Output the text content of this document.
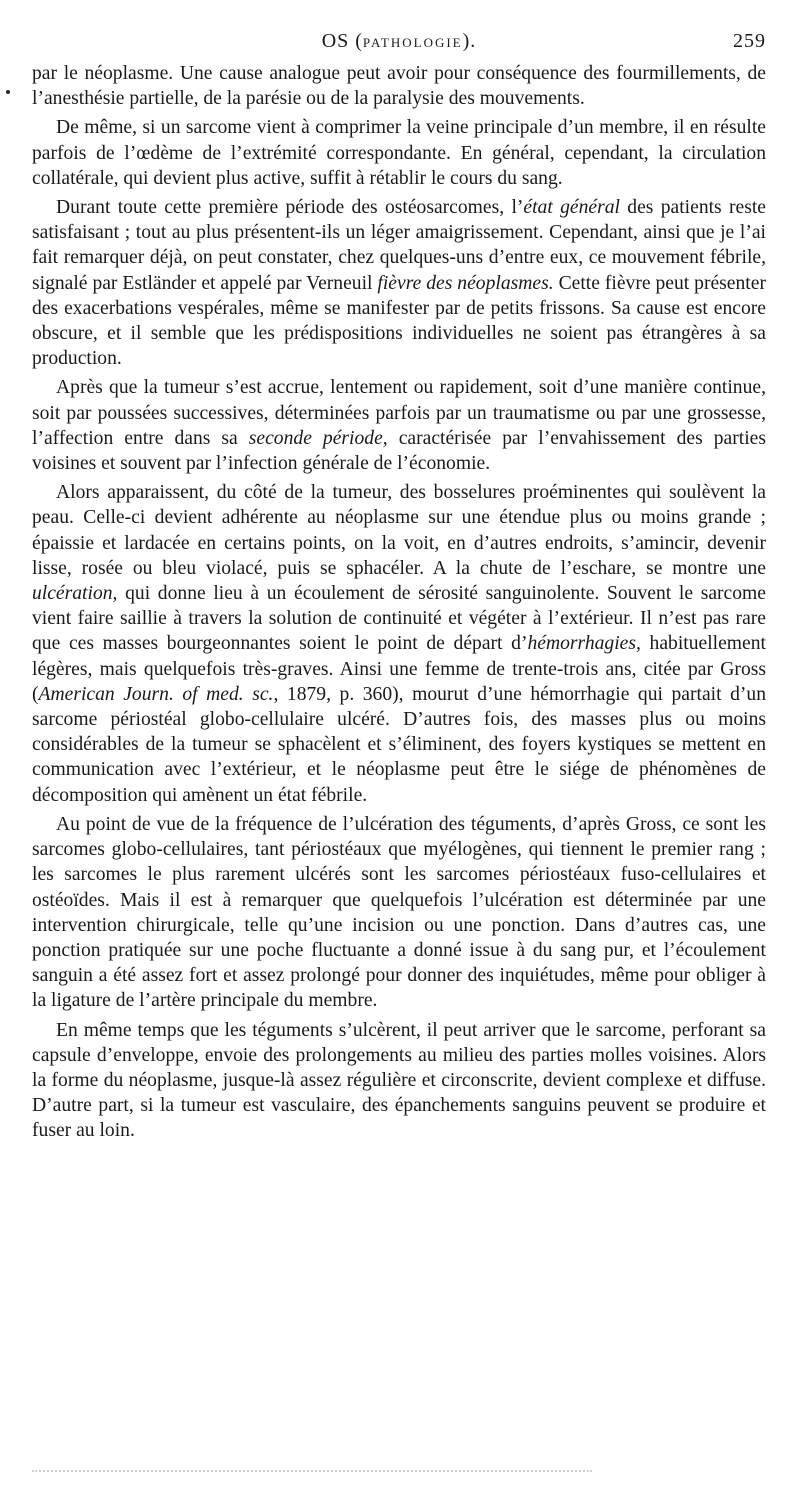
OS (PATHOLOGIE).	259

par le néoplasme. Une cause analogue peut avoir pour conséquence des fourmillements, de l’anesthésie partielle, de la parésie ou de la paralysie des mouvements.

De même, si un sarcome vient à comprimer la veine principale d’un membre, il en résulte parfois de l’œdème de l’extrémité correspondante. En général, cependant, la circulation collatérale, qui devient plus active, suffit à rétablir le cours du sang.

Durant toute cette première période des ostéosarcomes, l’état général des patients reste satisfaisant ; tout au plus présentent-ils un léger amaigrissement. Cependant, ainsi que je l’ai fait remarquer déjà, on peut constater, chez quelques-uns d’entre eux, ce mouvement fébrile, signalé par Estländer et appelé par Verneuil fièvre des néoplasmes. Cette fièvre peut présenter des exacerbations vespérales, même se manifester par de petits frissons. Sa cause est encore obscure, et il semble que les prédispositions individuelles ne soient pas étrangères à sa production.

Après que la tumeur s’est accrue, lentement ou rapidement, soit d’une manière continue, soit par poussées successives, déterminées parfois par un traumatisme ou par une grossesse, l’affection entre dans sa seconde période, caractérisée par l’envahissement des parties voisines et souvent par l’infection générale de l’économie.

Alors apparaissent, du côté de la tumeur, des bosselures proéminentes qui soulèvent la peau. Celle-ci devient adhérente au néoplasme sur une étendue plus ou moins grande ; épaissie et lardacée en certains points, on la voit, en d’autres endroits, s’amincir, devenir lisse, rosée ou bleu violacé, puis se sphacéler. A la chute de l’eschare, se montre une ulcération, qui donne lieu à un écoulement de sérosité sanguinolente. Souvent le sarcome vient faire saillie à travers la solution de continuité et végéter à l’extérieur. Il n’est pas rare que ces masses bourgeonnantes soient le point de départ d’hémorrhagies, habituellement légères, mais quelquefois très-graves. Ainsi une femme de trente-trois ans, citée par Gross (American Journ. of med. sc., 1879, p. 360), mourut d’une hémorrhagie qui partait d’un sarcome périostéal globo-cellulaire ulcéré. D’autres fois, des masses plus ou moins considérables de la tumeur se sphacèlent et s’éliminent, des foyers kystiques se mettent en communication avec l’extérieur, et le néoplasme peut être le siége de phénomènes de décomposition qui amènent un état fébrile.

Au point de vue de la fréquence de l’ulcération des téguments, d’après Gross, ce sont les sarcomes globo-cellulaires, tant périostéaux que myélogènes, qui tiennent le premier rang ; les sarcomes le plus rarement ulcérés sont les sarcomes périostéaux fuso-cellulaires et ostéoïdes. Mais il est à remarquer que quelquefois l’ulcération est déterminée par une intervention chirurgicale, telle qu’une incision ou une ponction. Dans d’autres cas, une ponction pratiquée sur une poche fluctuante a donné issue à du sang pur, et l’écoulement sanguin a été assez fort et assez prolongé pour donner des inquiétudes, même pour obliger à la ligature de l’artère principale du membre.

En même temps que les téguments s’ulcèrent, il peut arriver que le sarcome, perforant sa capsule d’enveloppe, envoie des prolongements au milieu des parties molles voisines. Alors la forme du néoplasme, jusque-là assez régulière et circonscrite, devient complexe et diffuse. D’autre part, si la tumeur est vasculaire, des épanchements sanguins peuvent se produire et fuser au loin.
